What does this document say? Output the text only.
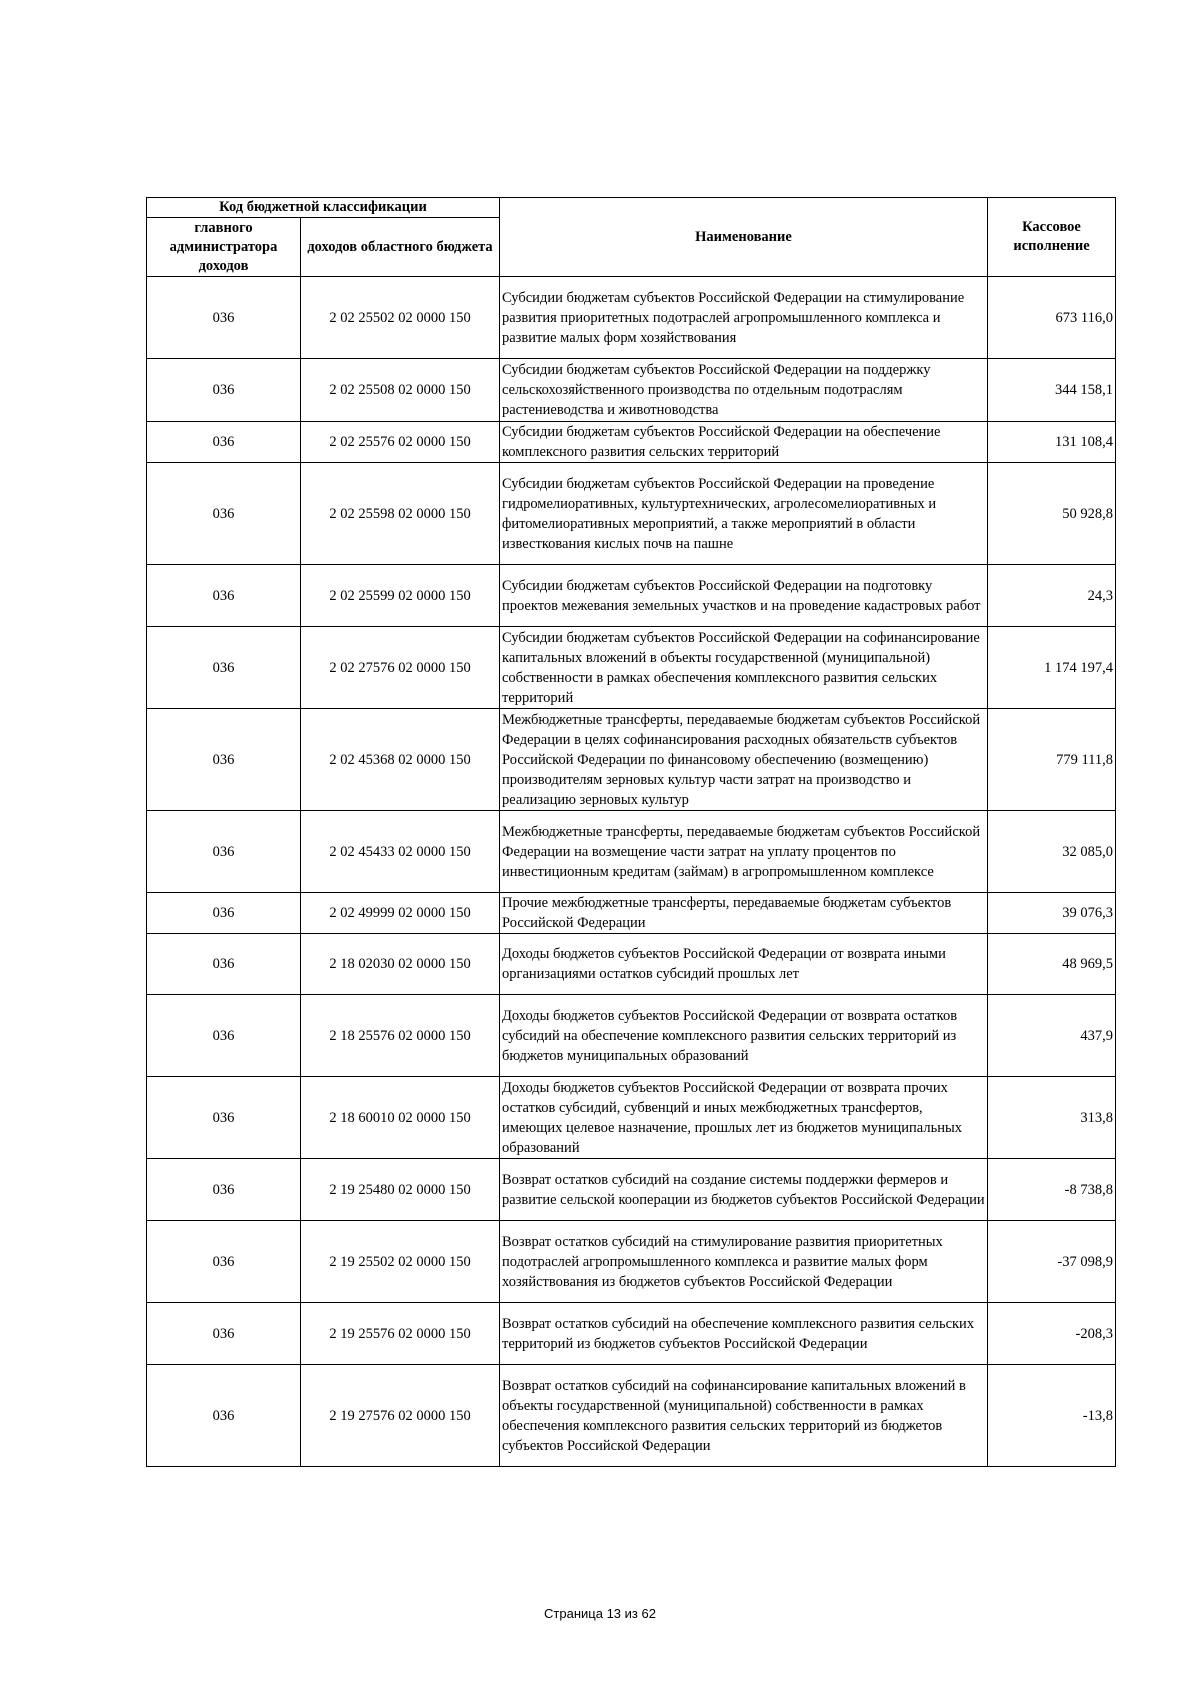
Код бюджетной классификации		Наименование	Кассовое исполнение
главного администратора доходов	доходов областного бюджета		
036	2 02 25502 02 0000 150	Субсидии бюджетам субъектов Российской Федерации на стимулирование развития приоритетных подотраслей агропромышленного комплекса и развитие малых форм хозяйствования	673 116,0
036	2 02 25508 02 0000 150	Субсидии бюджетам субъектов Российской Федерации на поддержку сельскохозяйственного производства по отдельным подотраслям растениеводства и животноводства	344 158,1
036	2 02 25576 02 0000 150	Субсидии бюджетам субъектов Российской Федерации на обеспечение комплексного развития сельских территорий	131 108,4
036	2 02 25598 02 0000 150	Субсидии бюджетам субъектов Российской Федерации на проведение гидромелиоративных, культуртехнических, агролесомелиоративных и фитомелиоративных мероприятий, а также мероприятий в области известкования кислых почв на пашне	50 928,8
036	2 02 25599 02 0000 150	Субсидии бюджетам субъектов Российской Федерации на подготовку проектов межевания земельных участков и на проведение кадастровых работ	24,3
036	2 02 27576 02 0000 150	Субсидии бюджетам субъектов Российской Федерации на софинансирование капитальных вложений в объекты государственной (муниципальной) собственности в рамках обеспечения комплексного развития сельских территорий	1 174 197,4
036	2 02 45368 02 0000 150	Межбюджетные трансферты, передаваемые бюджетам субъектов Российской Федерации в целях софинансирования расходных обязательств субъектов Российской Федерации по финансовому обеспечению (возмещению) производителям зерновых культур части затрат на производство и реализацию зерновых культур	779 111,8
036	2 02 45433 02 0000 150	Межбюджетные трансферты, передаваемые бюджетам субъектов Российской Федерации на возмещение части затрат на уплату процентов по инвестиционным кредитам (займам) в агропромышленном комплексе	32 085,0
036	2 02 49999 02 0000 150	Прочие межбюджетные трансферты, передаваемые бюджетам субъектов Российской Федерации	39 076,3
036	2 18 02030 02 0000 150	Доходы бюджетов субъектов Российской Федерации от возврата иными организациями остатков субсидий прошлых лет	48 969,5
036	2 18 25576 02 0000 150	Доходы бюджетов субъектов Российской Федерации от возврата остатков субсидий на обеспечение комплексного развития сельских территорий из бюджетов муниципальных образований	437,9
036	2 18 60010 02 0000 150	Доходы бюджетов субъектов Российской Федерации от возврата прочих остатков субсидий, субвенций и иных межбюджетных трансфертов, имеющих целевое назначение, прошлых лет из бюджетов муниципальных образований	313,8
036	2 19 25480 02 0000 150	Возврат остатков субсидий на создание системы поддержки фермеров и развитие сельской кооперации из бюджетов субъектов Российской Федерации	-8 738,8
036	2 19 25502 02 0000 150	Возврат остатков субсидий на стимулирование развития приоритетных подотраслей агропромышленного комплекса и развитие малых форм хозяйствования из бюджетов субъектов Российской Федерации	-37 098,9
036	2 19 25576 02 0000 150	Возврат остатков субсидий на обеспечение комплексного развития сельских территорий из бюджетов субъектов Российской Федерации	-208,3
036	2 19 27576 02 0000 150	Возврат остатков субсидий на софинансирование капитальных вложений в объекты государственной (муниципальной) собственности в рамках обеспечения комплексного развития сельских территорий из бюджетов субъектов Российской Федерации	-13,8
Страница 13 из 62
